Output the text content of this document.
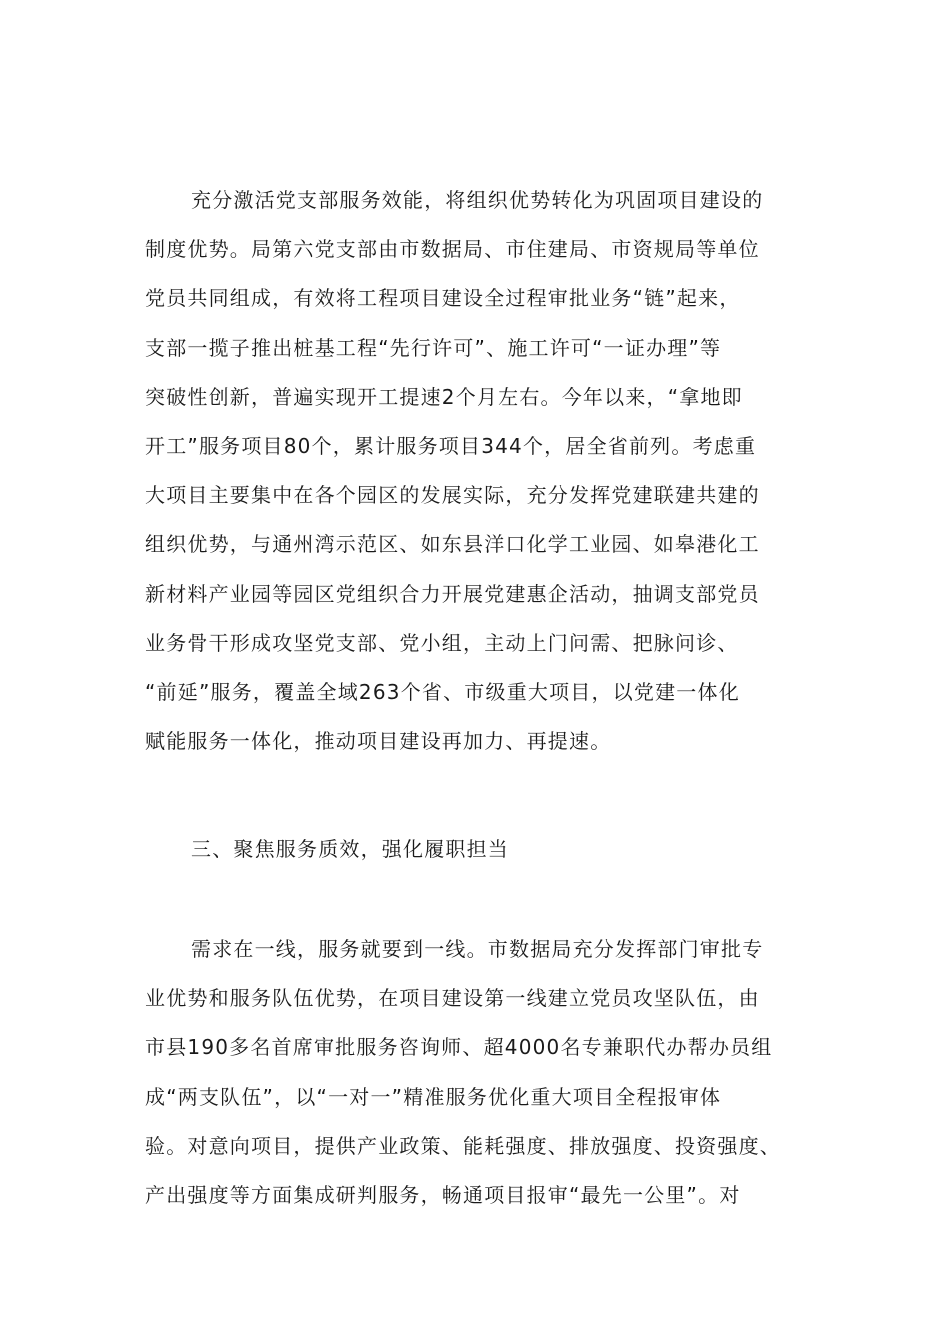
充分激活党支部服务效能，将组织优势转化为巩固项目建设的
制度优势。局第六党支部由市数据局、市住建局、市资规局等单位
党员共同组成，有效将工程项目建设全过程审批业务“链”起来，
支部一揽子推出桩基工程“先行许可”、施工许可“一证办理”等
突破性创新，普遍实现开工提速2个月左右。今年以来，“拿地即
开工”服务项目80个，累计服务项目344个，居全省前列。考虑重
大项目主要集中在各个园区的发展实际，充分发挥党建联建共建的
组织优势，与通州湾示范区、如东县洋口化学工业园、如皋港化工
新材料产业园等园区党组织合力开展党建惠企活动，抽调支部党员
业务骨干形成攻坚党支部、党小组，主动上门问需、把脉问诊、
“前延”服务，覆盖全域263个省、市级重大项目，以党建一体化
赋能服务一体化，推动项目建设再加力、再提速。
三、聚焦服务质效，强化履职担当
需求在一线，服务就要到一线。市数据局充分发挥部门审批专
业优势和服务队伍优势，在项目建设第一线建立党员攻坚队伍，由
市县190多名首席审批服务咨询师、超4000名专兼职代办帮办员组
成“两支队伍”，以“一对一”精准服务优化重大项目全程报审体
验。对意向项目，提供产业政策、能耗强度、排放强度、投资强度、
产出强度等方面集成研判服务，畅通项目报审“最先一公里”。对
